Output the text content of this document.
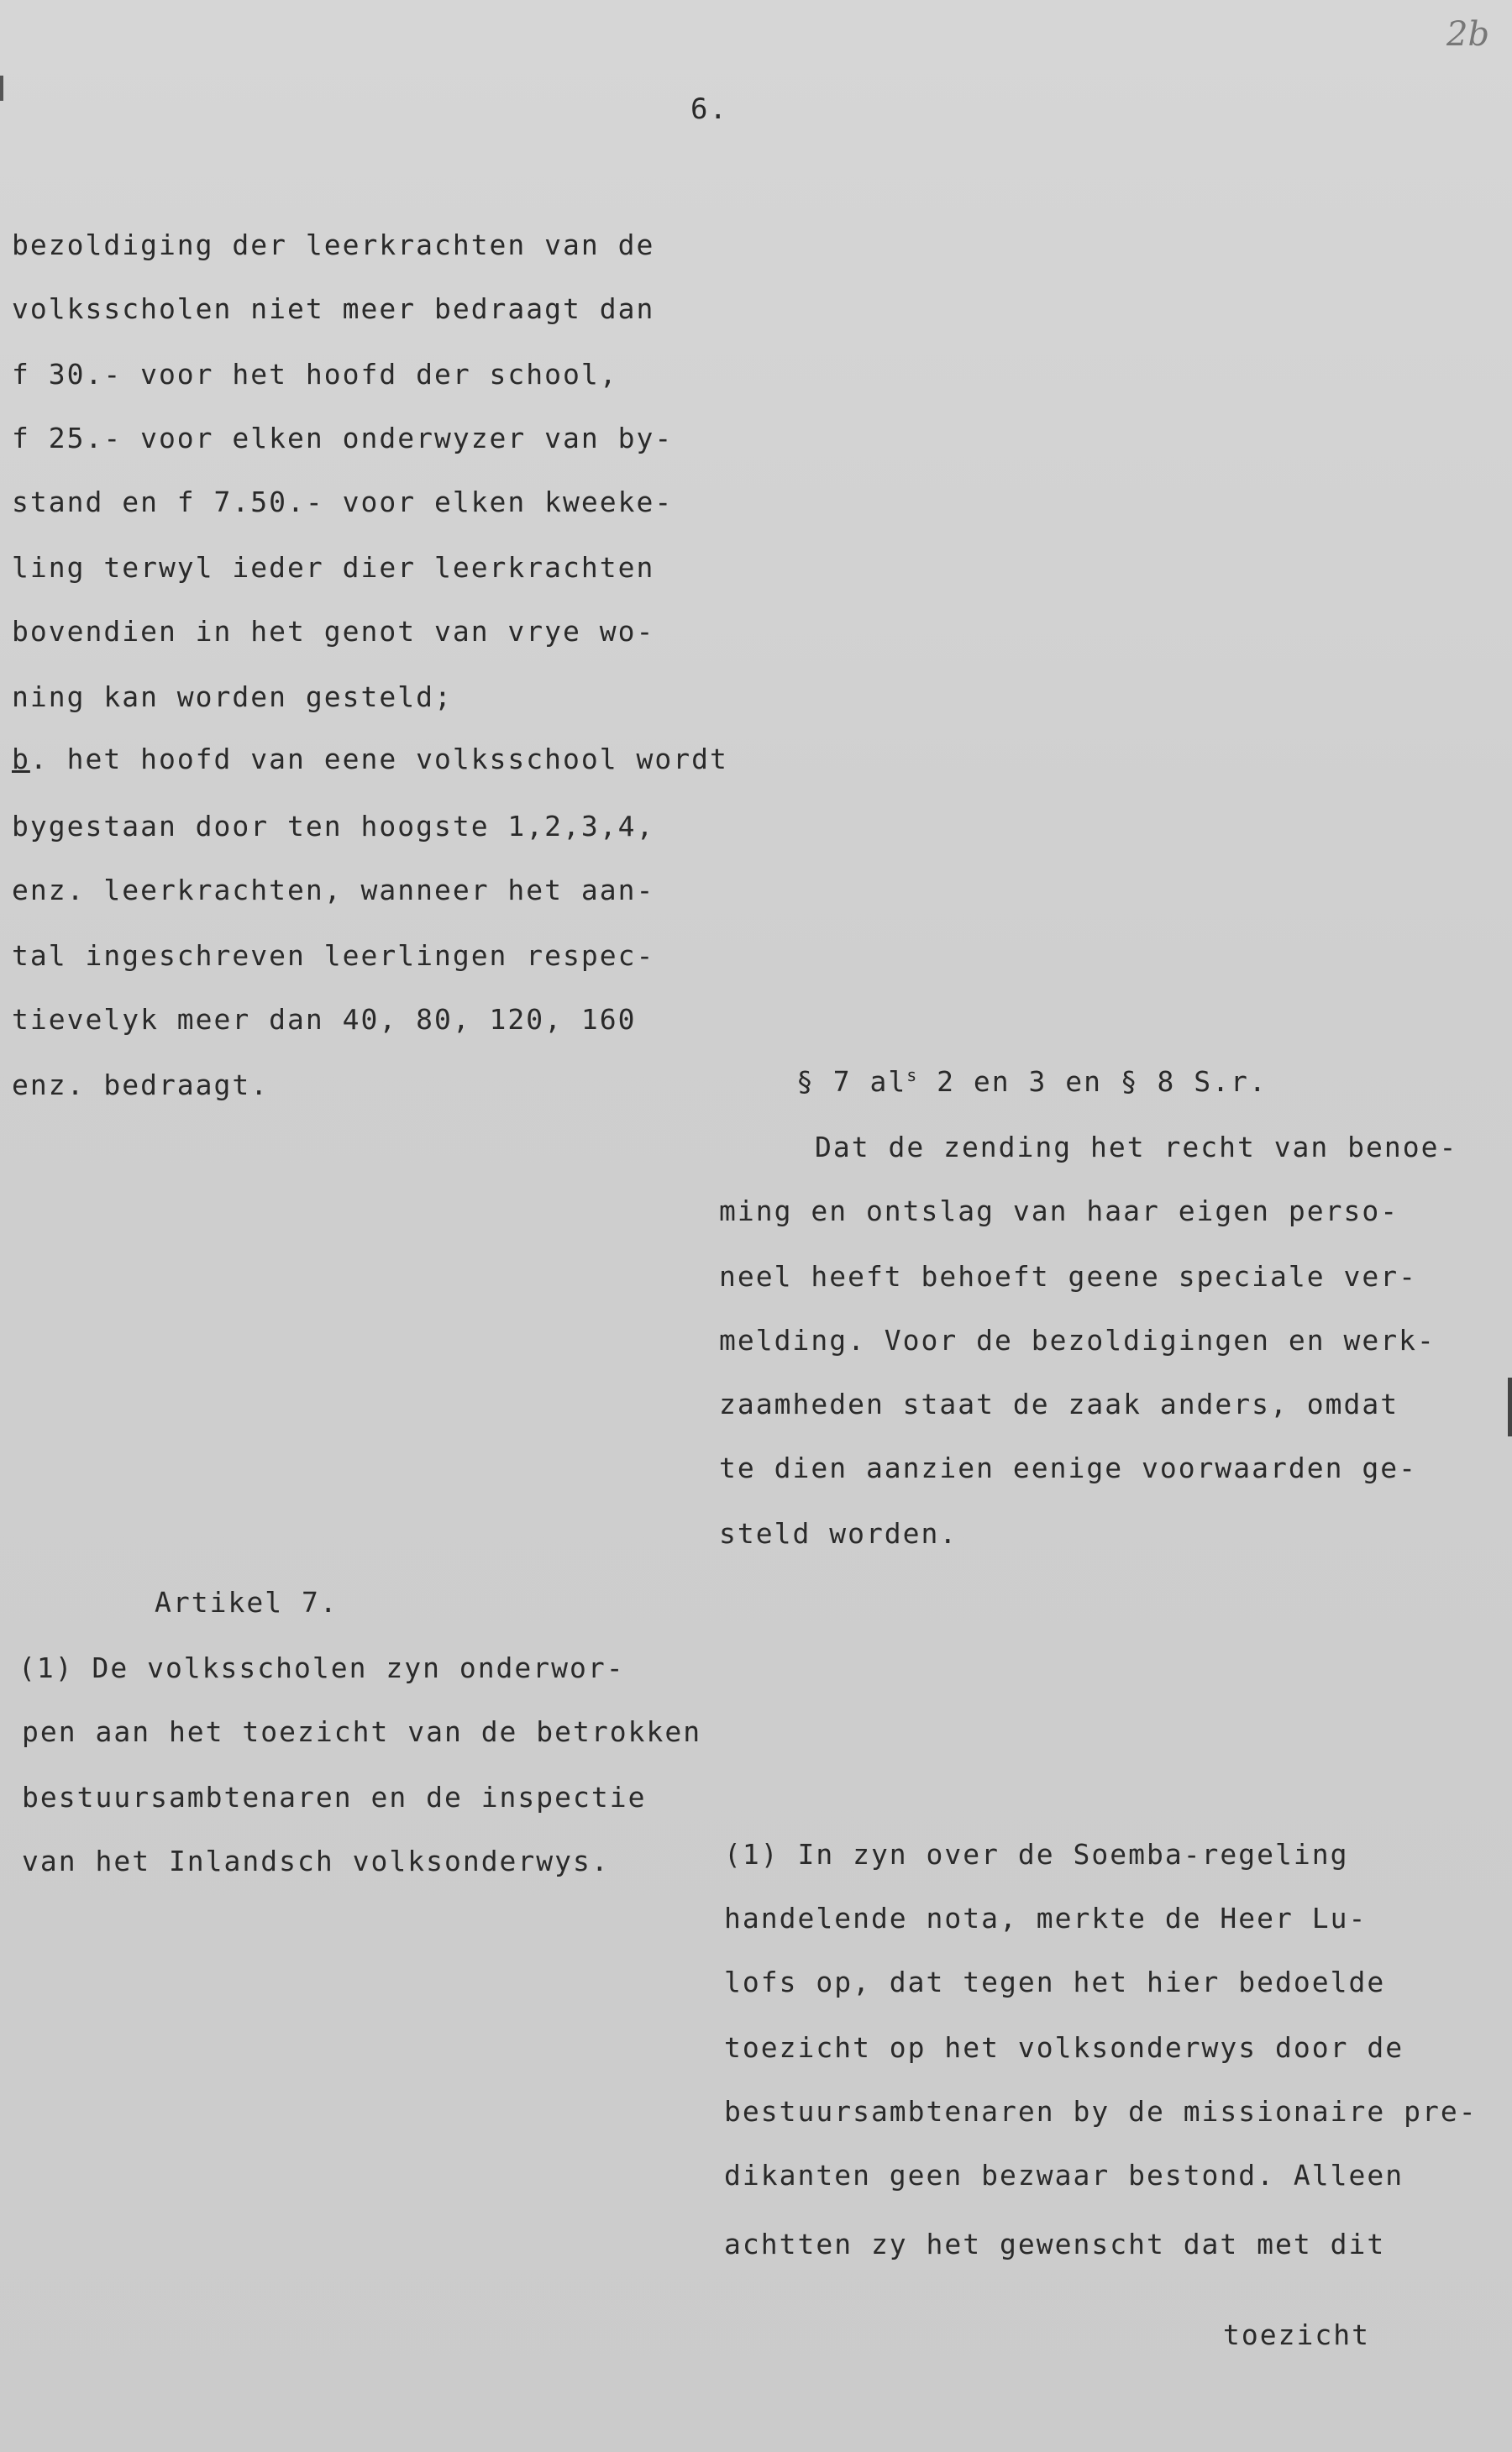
2b
6.
bezoldiging der leerkrachten van de
volksscholen niet meer bedraagt dan
f 30.- voor het hoofd der school,
f 25.- voor elken onderwyzer van by-
stand en f 7.50.- voor elken kweeke-
ling terwyl ieder dier leerkrachten
bovendien in het genot van vrye wo-
ning kan worden gesteld;
b. het hoofd van eene volksschool wordt
bygestaan door ten hoogste 1,2,3,4,
enz. leerkrachten, wanneer het aan-
tal ingeschreven leerlingen respec-
tievelyk meer dan 40, 80, 120, 160
enz. bedraagt.	§ 7 $al^s$ 2 en 3 en § 8 S.r.
Dat de zending het recht van benoe-
ming en ontslag van haar eigen perso-
neel heeft behoeft geene speciale ver-
melding. Voor de bezoldigingen en werk-
zaamheden staat de zaak anders, omdat
te dien aanzien eenige voorwaarden ge-
steld worden.
Artikel 7.
(1) De volksscholen zyn onderwor-
pen aan het toezicht van de betrokken
bestuursambtenaren en de inspectie
van het Inlandsch volksonderwys.	(1) In zyn over de Soemba-regeling
handelende nota, merkte de Heer Lu-
lofs op, dat tegen het hier bedoelde
toezicht op het volksonderwys door de
bestuursambtenaren by de missionaire pre-
dikanten geen bezwaar bestond. Alleen
achtten zy het gewenscht dat met dit
toezicht
